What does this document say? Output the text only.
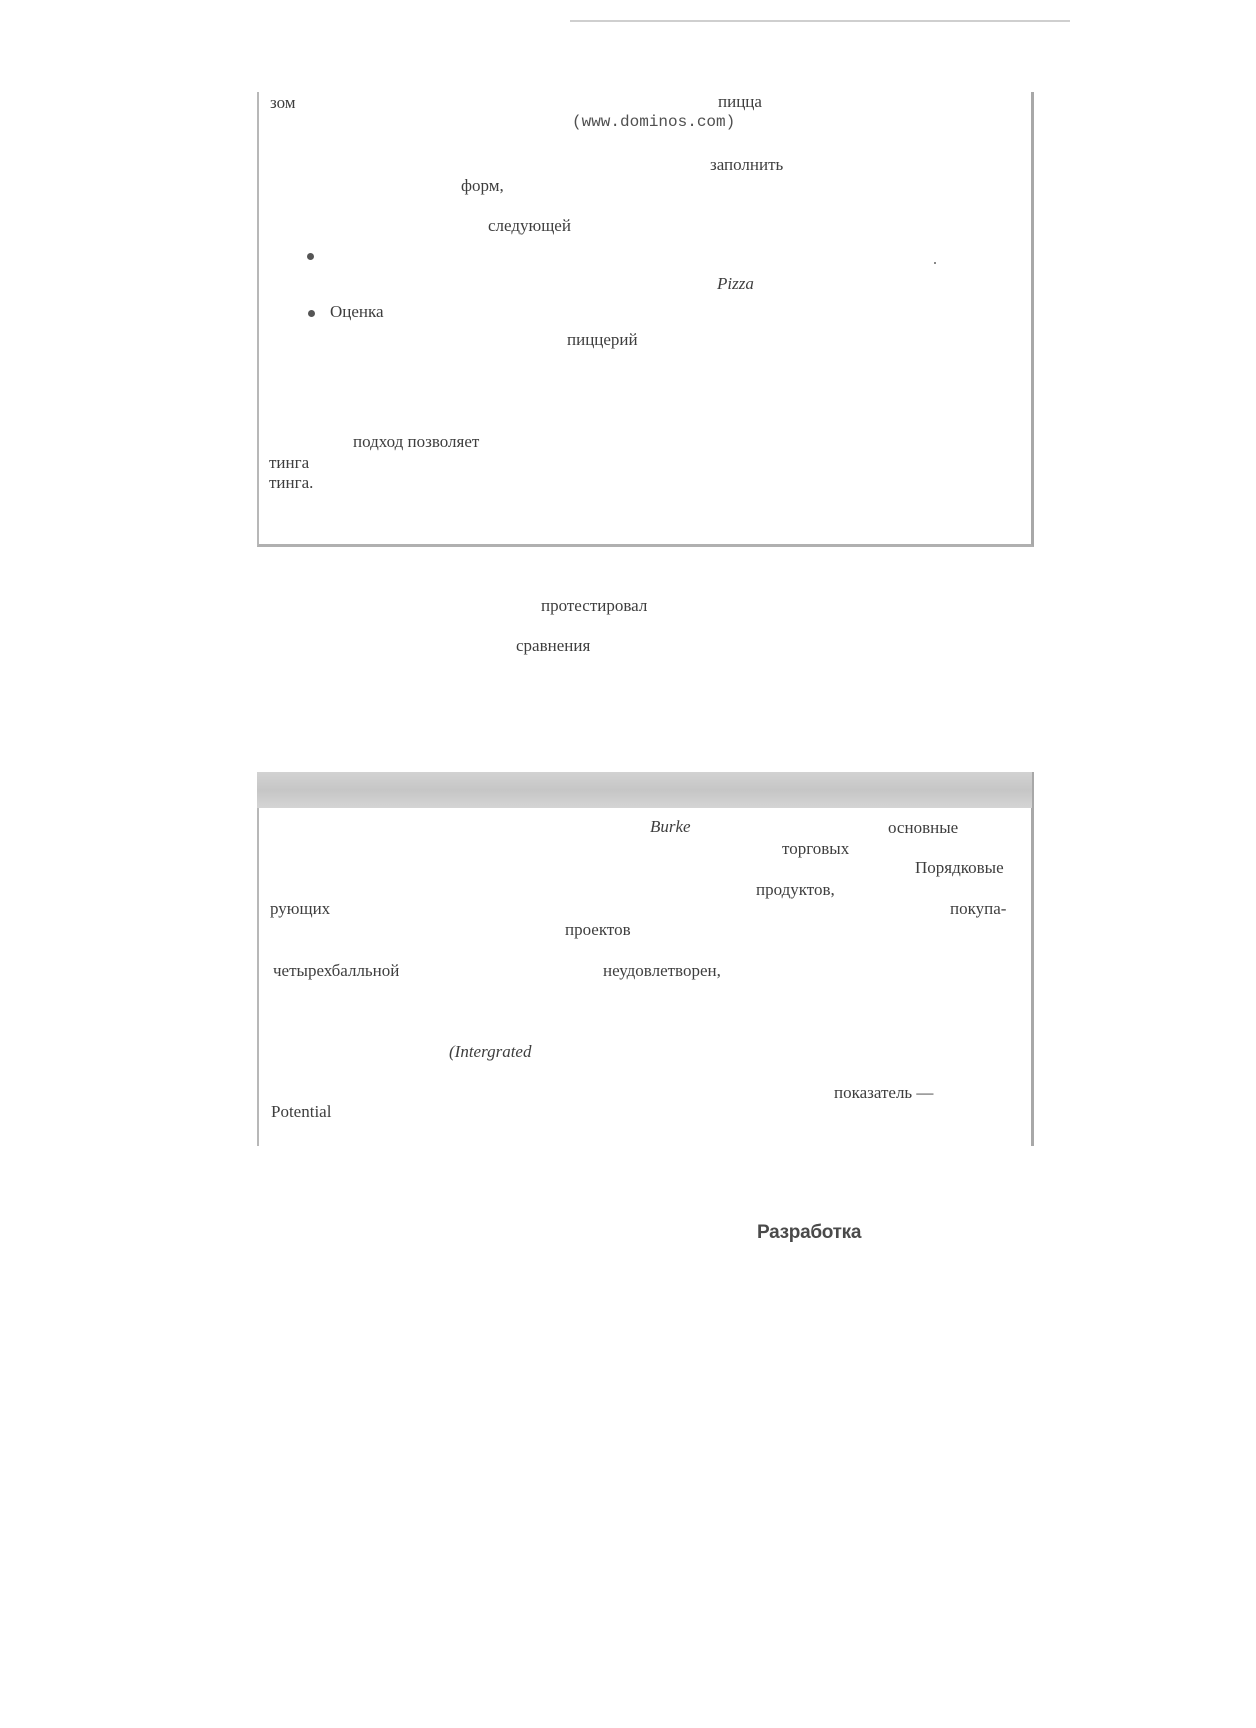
зом	пицца
(www.dominos.com)
заполнить
форм,
следующей
Pizza
Оценка
пиццерий
подход позволяет
тинга
тинга.
протестировал
сравнения
Burke	основные
торговых
Порядковые
продуктов,
рующих	покупа-
проектов
четырехбалльной	неудовлетворен,
(Intergrated
показатель —
Potential
Разработка
